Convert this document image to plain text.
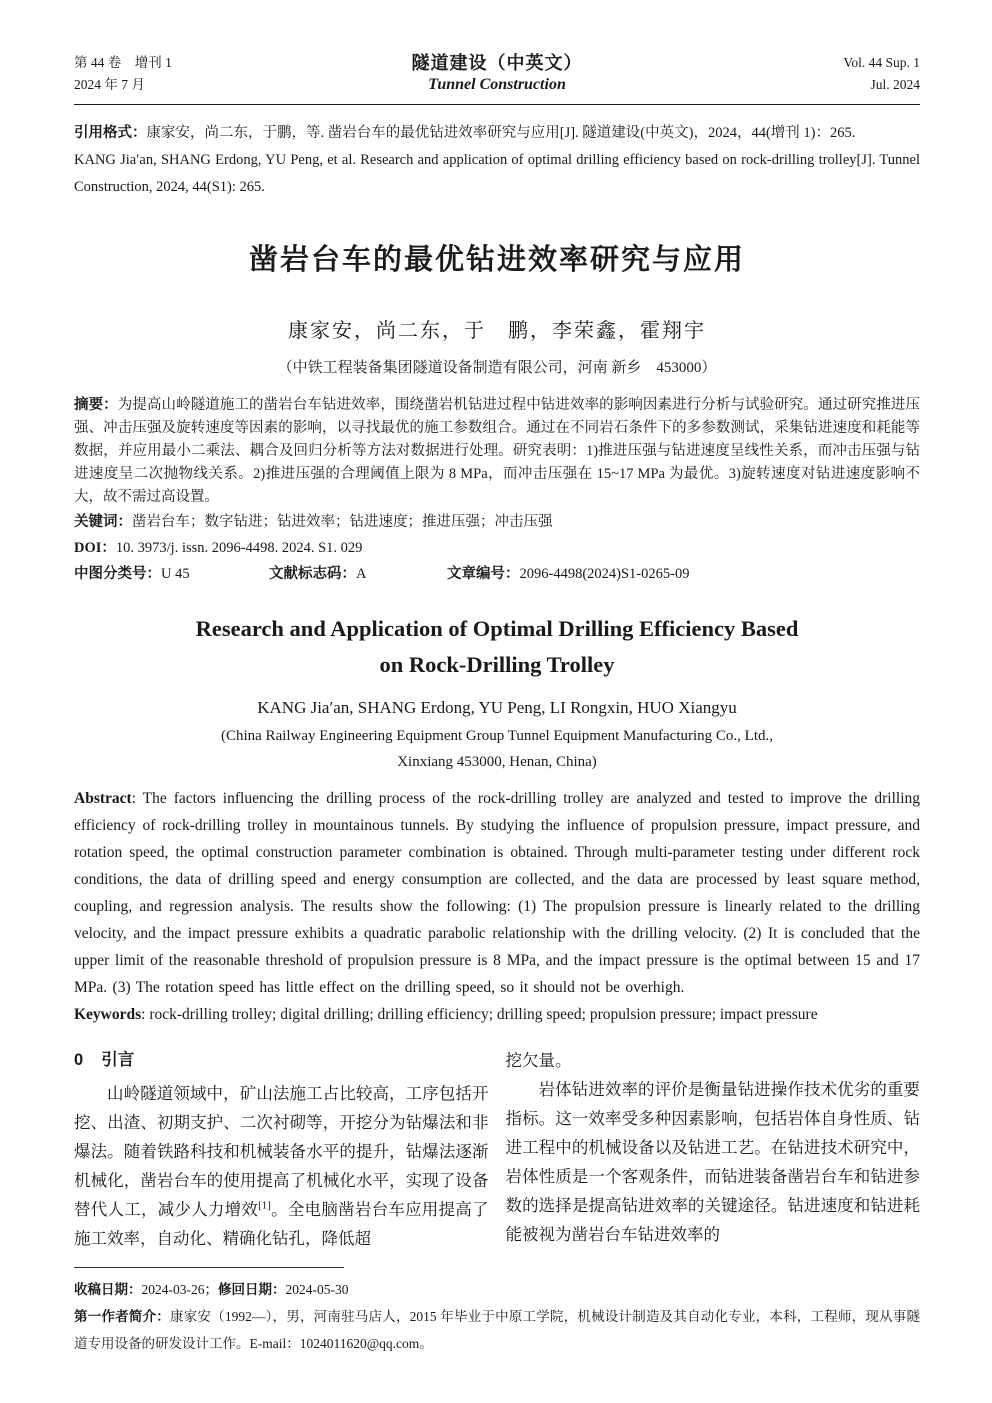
第 44 卷　增刊 1
2024 年 7 月
隧道建设（中英文）
Tunnel Construction
Vol. 44 Sup. 1
Jul. 2024

引用格式：康家安，尚二东，于鹏，等. 凿岩台车的最优钻进效率研究与应用[J]. 隧道建设(中英文)，2024，44(增刊 1)：265.
KANG Jia′an, SHANG Erdong, YU Peng, et al. Research and application of optimal drilling efficiency based on rock-drilling trolley[J]. Tunnel Construction, 2024, 44(S1): 265.

凿岩台车的最优钻进效率研究与应用
康家安，尚二东，于　鹏，李荣鑫，霍翔宇
（中铁工程装备集团隧道设备制造有限公司，河南 新乡　453000）

摘要：为提高山岭隧道施工的凿岩台车钻进效率，围绕凿岩机钻进过程中钻进效率的影响因素进行分析与试验研究。通过研究推进压强、冲击压强及旋转速度等因素的影响，以寻找最优的施工参数组合。通过在不同岩石条件下的多参数测试，采集钻进速度和耗能等数据，并应用最小二乘法、耦合及回归分析等方法对数据进行处理。研究表明：1)推进压强与钻进速度呈线性关系，而冲击压强与钻进速度呈二次抛物线关系。2)推进压强的合理阈值上限为 8 MPa，而冲击压强在 15~17 MPa 为最优。3)旋转速度对钻进速度影响不大，故不需过高设置。

关键词：凿岩台车；数字钻进；钻进效率；钻进速度；推进压强；冲击压强
DOI：10. 3973/j. issn. 2096-4498. 2024. S1. 029
中图分类号：U 45	文献标志码：A	文章编号：2096-4498(2024)S1-0265-09
Research and Application of Optimal Drilling Efficiency Based
on Rock-Drilling Trolley
KANG Jia′an, SHANG Erdong, YU Peng, LI Rongxin, HUO Xiangyu
(China Railway Engineering Equipment Group Tunnel Equipment Manufacturing Co., Ltd.,
Xinxiang 453000, Henan, China)

Abstract: The factors influencing the drilling process of the rock-drilling trolley are analyzed and tested to improve the drilling efficiency of rock-drilling trolley in mountainous tunnels. By studying the influence of propulsion pressure, impact pressure, and rotation speed, the optimal construction parameter combination is obtained. Through multi-parameter testing under different rock conditions, the data of drilling speed and energy consumption are collected, and the data are processed by least square method, coupling, and regression analysis. The results show the following: (1) The propulsion pressure is linearly related to the drilling velocity, and the impact pressure exhibits a quadratic parabolic relationship with the drilling velocity. (2) It is concluded that the upper limit of the reasonable threshold of propulsion pressure is 8 MPa, and the impact pressure is the optimal between 15 and 17 MPa. (3) The rotation speed has little effect on the drilling speed, so it should not be overhigh.

Keywords: rock-drilling trolley; digital drilling; drilling efficiency; drilling speed; propulsion pressure; impact pressure

0 引言

山岭隧道领域中，矿山法施工占比较高，工序包括开挖、出渣、初期支护、二次衬砌等，开挖分为钻爆法和非爆法。随着铁路科技和机械装备水平的提升，钻爆法逐渐机械化，凿岩台车的使用提高了机械化水平，实现了设备替代人工，减少人力增效[1]。全电脑凿岩台车应用提高了施工效率，自动化、精确化钻孔，降低超

挖欠量。

岩体钻进效率的评价是衡量钻进操作技术优劣的重要指标。这一效率受多种因素影响，包括岩体自身性质、钻进工程中的机械设备以及钻进工艺。在钻进技术研究中，岩体性质是一个客观条件，而钻进装备凿岩台车和钻进参数的选择是提高钻进效率的关键途径。钻进速度和钻进耗能被视为凿岩台车钻进效率的

收稿日期：2024-03-26；修回日期：2024-05-30
第一作者简介：康家安（1992—），男，河南驻马店人，2015 年毕业于中原工学院，机械设计制造及其自动化专业，本科，工程师，现从事隧道专用设备的研发设计工作。E-mail：1024011620@qq.com。
